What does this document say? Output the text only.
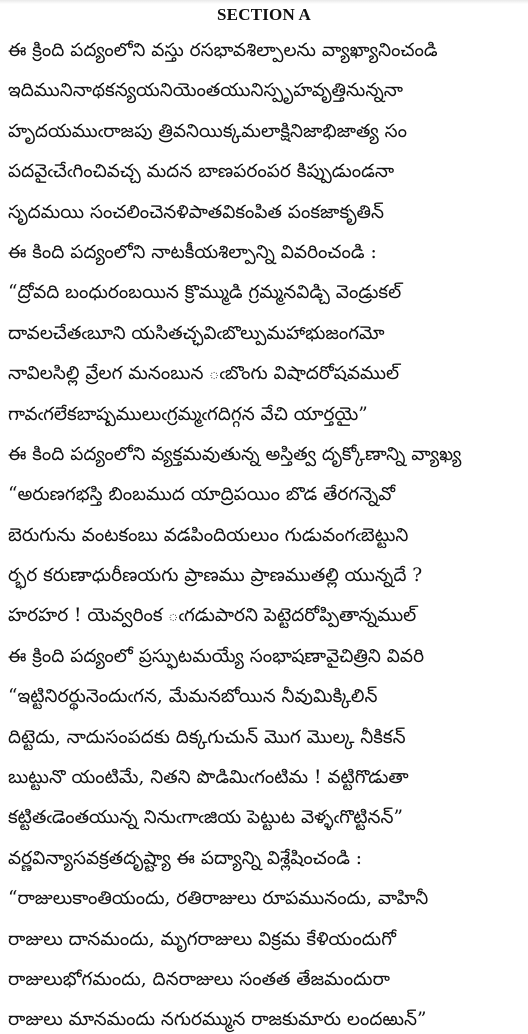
SECTION A
ఈ క్రింది పద్యంలోని వస్తు రసభావశిల్పాలను వ్యాఖ్యానించండి
ఇదిమునినాథకన్యయనియెంతయునిస్పృహవృత్తినున్ననా
హృదయముఁరాజపు త్రివనియిక్కమలాక్షినిజాభిజాత్య సం
పదవైఁచేఁగించివచ్చ మదన బాణపరంపర కిప్పుడుండనా
సృదమయి సంచలించెనళిపాతవికంపిత పంకజాకృతిన్
ఈ కింది పద్యంలోని నాటకీయశిల్పాన్ని వివరించండి :
“ద్రోవది బంధురంబయిన క్రొమ్ముడి గ్రమ్మనవిడ్చి వెండ్రుకల్
దావలచేతఁబూని యసితచ్ఛవిఁబొల్పుమహాభుజంగమో
నావిలసిల్లి వ్రేలగ మనంబున ఁబొంగు విషాదరోషవముల్
గావఁగలేకబాష్పములుఁగ్రమ్మఁగదిగ్గన వేచి యార్తయై”
ఈ కింది పద్యంలోని వ్యక్తమవుతున్న అస్తిత్వ దృక్కోణాన్ని వ్యాఖ్య
“అరుణగభస్తి బింబముద యాద్రిపయిం బొడ తేరగన్నెవో
బెరుగును వంటకంబు వడపిందియలుం గుడువంగఁబెట్టుని
ర్భర కరుణాధురీణయగు ప్రాణము ప్రాణముతల్లి యున్నదే ?
హరహర ! యెవ్వరింక ఁగడుపారని పెట్టెదరోప్పితాన్నముల్
ఈ క్రింది పద్యంలో ప్రస్ఫుటమయ్యే సంభాషణావైచిత్రిని వివరి
“ఇట్టినిరర్థునెందుఁగన, మేమనబోయిన నీవుమిక్కిలిన్
దిట్టెదు, నాదుసంపదకు దిక్కగుచున్ మొగ మొల్క నీకికన్
బుట్టునొ యంటిమే, నితని పొడిమిఁగంటిమ ! వట్టిగొడుతా
కట్టితఁడెంతయున్న నినుఁగాఁజియ పెట్టుట వెళ్ళఁగొట్టినన్”
వర్ణవిన్యాసవక్రతదృష్ట్యా ఈ పద్యాన్ని విశ్లేషించండి :
“రాజులుకాంతియందు, రతిరాజులు రూపమునందు, వాహినీ
రాజులు దానమందు, మృగరాజులు విక్రమ కేళియందుగో
రాజులుభోగమందు, దినరాజులు సంతత తేజమందురా
రాజులు మానమందు నగురమ్మున రాజకుమారు లందఱున్”
